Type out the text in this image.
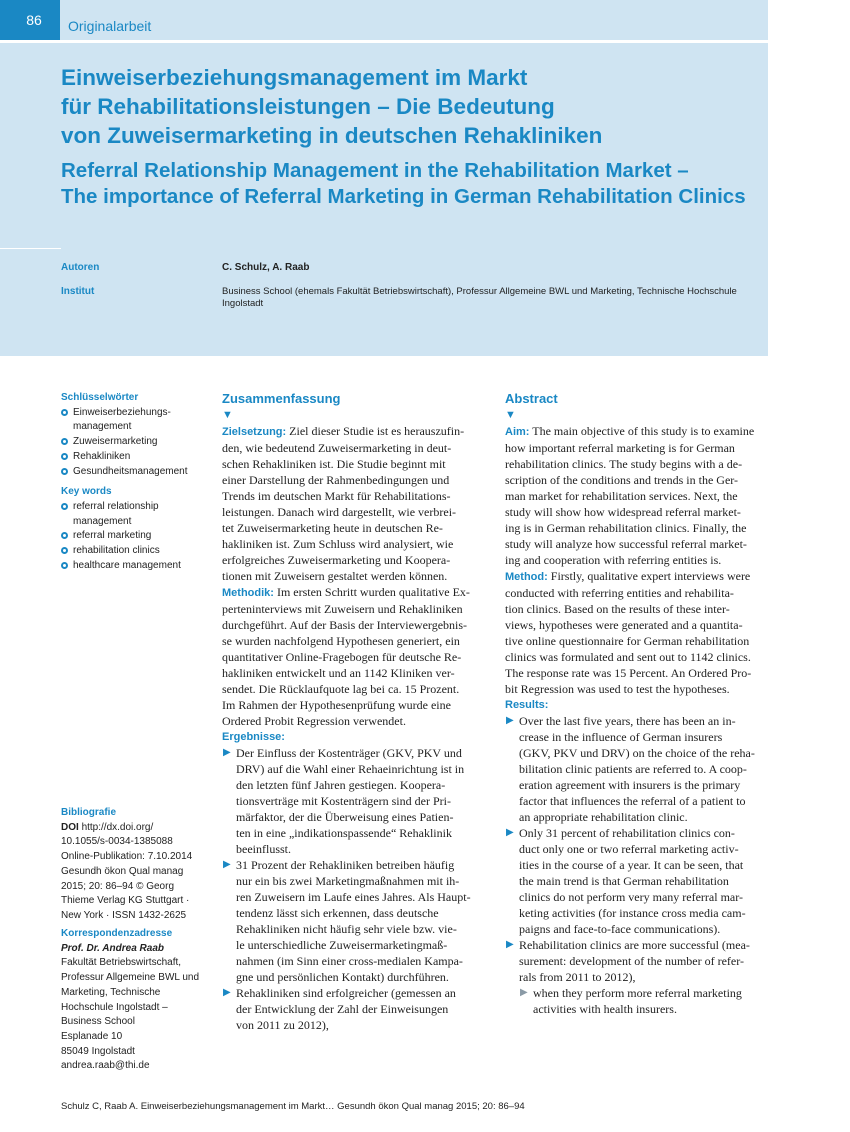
86	Originalarbeit
Einweiserbeziehungsmanagement im Markt
für Rehabilitationsleistungen – Die Bedeutung
von Zuweisermarketing in deutschen Rehakliniken
Referral Relationship Management in the Rehabilitation Market –
The importance of Referral Marketing in German Rehabilitation Clinics
Autoren	C. Schulz, A. Raab
Institut	Business School (ehemals Fakultät Betriebswirtschaft), Professur Allgemeine BWL und Marketing, Technische Hochschule
Ingolstadt
Schlüsselwörter
Einweiserbeziehungs-
management
Zuweisermarketing
Rehakliniken
Gesundheitsmanagement
Key words
referral relationship
management
referral marketing
rehabilitation clinics
healthcare management
Bibliografie
DOI http://dx.doi.org/
10.1055/s-0034-1385088
Online-Publikation: 7.10.2014
Gesundh ökon Qual manag
2015; 20: 86–94 © Georg
Thieme Verlag KG Stuttgart ·
New York · ISSN 1432-2625
Korrespondenzadresse
Prof. Dr. Andrea Raab
Fakultät Betriebswirtschaft,
Professur Allgemeine BWL und
Marketing, Technische
Hochschule Ingolstadt –
Business School
Esplanade 10
85049 Ingolstadt
andrea.raab@thi.de
Zusammenfassung
▼
Zielsetzung: Ziel dieser Studie ist es herauszufin-
den, wie bedeutend Zuweisermarketing in deut-
schen Rehakliniken ist. Die Studie beginnt mit
einer Darstellung der Rahmenbedingungen und
Trends im deutschen Markt für Rehabilitations-
leistungen. Danach wird dargestellt, wie verbrei-
tet Zuweisermarketing heute in deutschen Re-
hakliniken ist. Zum Schluss wird analysiert, wie
erfolgreiches Zuweisermarketing und Koopera-
tionen mit Zuweisern gestaltet werden können.
Methodik: Im ersten Schritt wurden qualitative Ex-
perteninterviews mit Zuweisern und Rehakliniken
durchgeführt. Auf der Basis der Interviewergebnis-
se wurden nachfolgend Hypothesen generiert, ein
quantitativer Online-Fragebogen für deutsche Re-
hakliniken entwickelt und an 1142 Kliniken ver-
sendet. Die Rücklaufquote lag bei ca. 15 Prozent.
Im Rahmen der Hypothesenprüfung wurde eine
Ordered Probit Regression verwendet.
Ergebnisse:
▶ Der Einfluss der Kostenträger (GKV, PKV und
DRV) auf die Wahl einer Rehaeinrichtung ist in
den letzten fünf Jahren gestiegen. Koopera-
tionsverträge mit Kostenträgern sind der Pri-
märfaktor, der die Überweisung eines Patien-
ten in eine „indikationspassende“ Rehaklinik
beeinflusst.
▶ 31 Prozent der Rehakliniken betreiben häufig
nur ein bis zwei Marketingmaßnahmen mit ih-
ren Zuweisern im Laufe eines Jahres. Als Haupt-
tendenz lässt sich erkennen, dass deutsche
Rehakliniken nicht häufig sehr viele bzw. vie-
le unterschiedliche Zuweisermarketingmaß-
nahmen (im Sinn einer cross-medialen Kampa-
gne und persönlichen Kontakt) durchführen.
▶ Rehakliniken sind erfolgreicher (gemessen an
der Entwicklung der Zahl der Einweisungen
von 2011 zu 2012),
Abstract
▼
Aim: The main objective of this study is to examine
how important referral marketing is for German
rehabilitation clinics. The study begins with a de-
scription of the conditions and trends in the Ger-
man market for rehabilitation services. Next, the
study will show how widespread referral market-
ing is in German rehabilitation clinics. Finally, the
study will analyze how successful referral market-
ing and cooperation with referring entities is.
Method: Firstly, qualitative expert interviews were
conducted with referring entities and rehabilita-
tion clinics. Based on the results of these inter-
views, hypotheses were generated and a quantita-
tive online questionnaire for German rehabilitation
clinics was formulated and sent out to 1142 clinics.
The response rate was 15 Percent. An Ordered Pro-
bit Regression was used to test the hypotheses.
Results:
▶ Over the last five years, there has been an in-
crease in the influence of German insurers
(GKV, PKV und DRV) on the choice of the reha-
bilitation clinic patients are referred to. A coop-
eration agreement with insurers is the primary
factor that influences the referral of a patient to
an appropriate rehabilitation clinic.
▶ Only 31 percent of rehabilitation clinics con-
duct only one or two referral marketing activ-
ities in the course of a year. It can be seen, that
the main trend is that German rehabilitation
clinics do not perform very many referral mar-
keting activities (for instance cross media cam-
paigns and face-to-face communications).
▶ Rehabilitation clinics are more successful (mea-
surement: development of the number of refer-
rals from 2011 to 2012),
▶ when they perform more referral marketing
activities with health insurers.
Schulz C, Raab A. Einweiserbeziehungsmanagement im Markt… Gesundh ökon Qual manag 2015; 20: 86–94
